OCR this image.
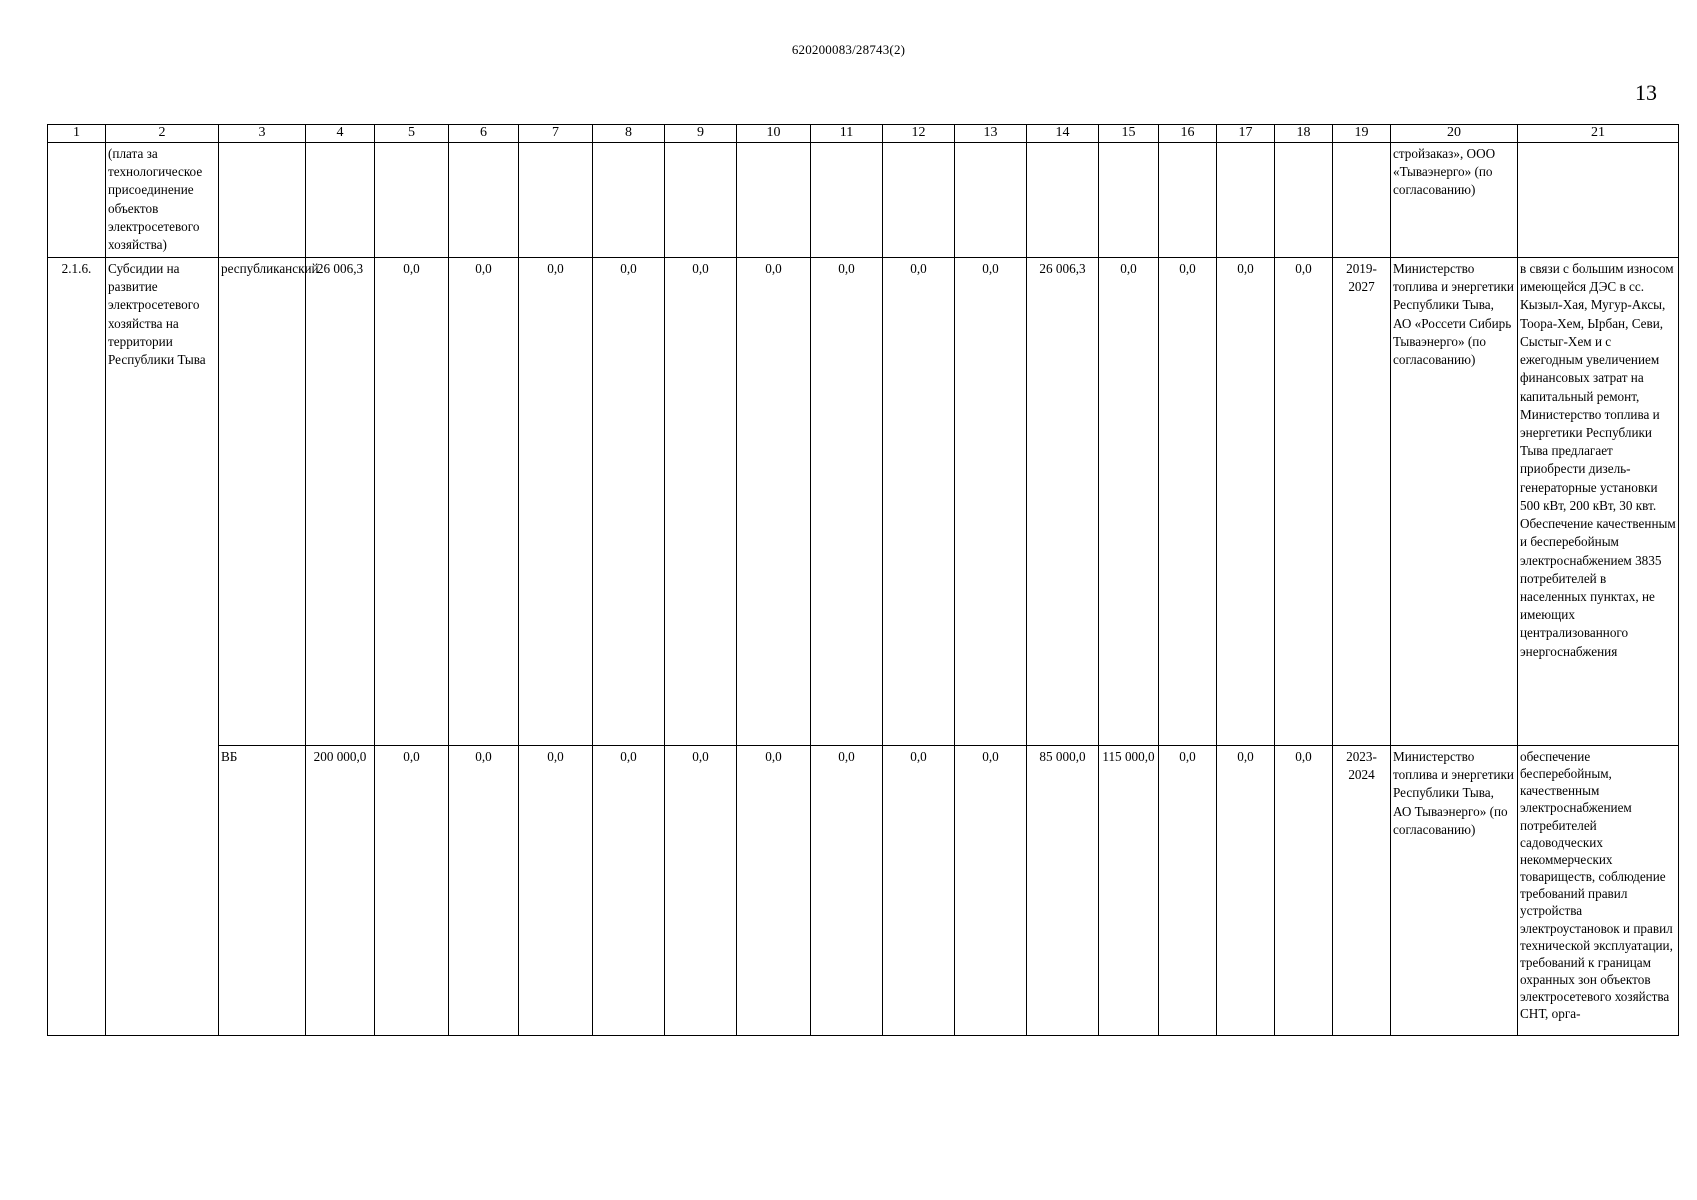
620200083/28743(2)
13
1	2	3	4	5	6	7	8	9	10	11	12	13	14	15	16	17	18	19	20	21
	(плата за технологическое присоединение объектов электросетевого хозяйства)																		стройзаказ», ООО «Тываэнерго» (по согласованию)	
2.1.6.	Субсидии на развитие электросетевого хозяйства на территории Республики Тыва	республиканский	26 006,3	0,0	0,0	0,0	0,0	0,0	0,0	0,0	0,0	0,0	26 006,3	0,0	0,0	0,0	0,0	2019-2027	Министерство топлива и энергетики Республики Тыва, АО «Россети Сибирь Тываэнерго» (по согласованию)	в связи с большим износом имеющейся ДЭС в сс. Кызыл-Хая, Мугур-Аксы, Тоора-Хем, Ырбан, Севи, Сыстыг-Хем и с ежегодным увеличением финансовых затрат на капитальный ремонт, Министерство топлива и энергетики Республики Тыва предлагает приобрести дизель-генераторные установки 500 кВт, 200 кВт, 30 квт. Обеспечение качественным и бесперебойным электроснабжением 3835 потребителей в населенных пунктах, не имеющих централизованного энергоснабжения
		ВБ	200 000,0	0,0	0,0	0,0	0,0	0,0	0,0	0,0	0,0	0,0	85 000,0	115 000,0	0,0	0,0	0,0	2023-2024	Министерство топлива и энергетики Республики Тыва, АО Тываэнерго» (по согласованию)	обеспечение бесперебойным, качественным электроснабжением потребителей садоводческих некоммерческих товариществ, соблюдение требований правил устройства электроустановок и правил технической эксплуатации, требований к границам охранных зон объектов электросетевого хозяйства СНТ, орга-
